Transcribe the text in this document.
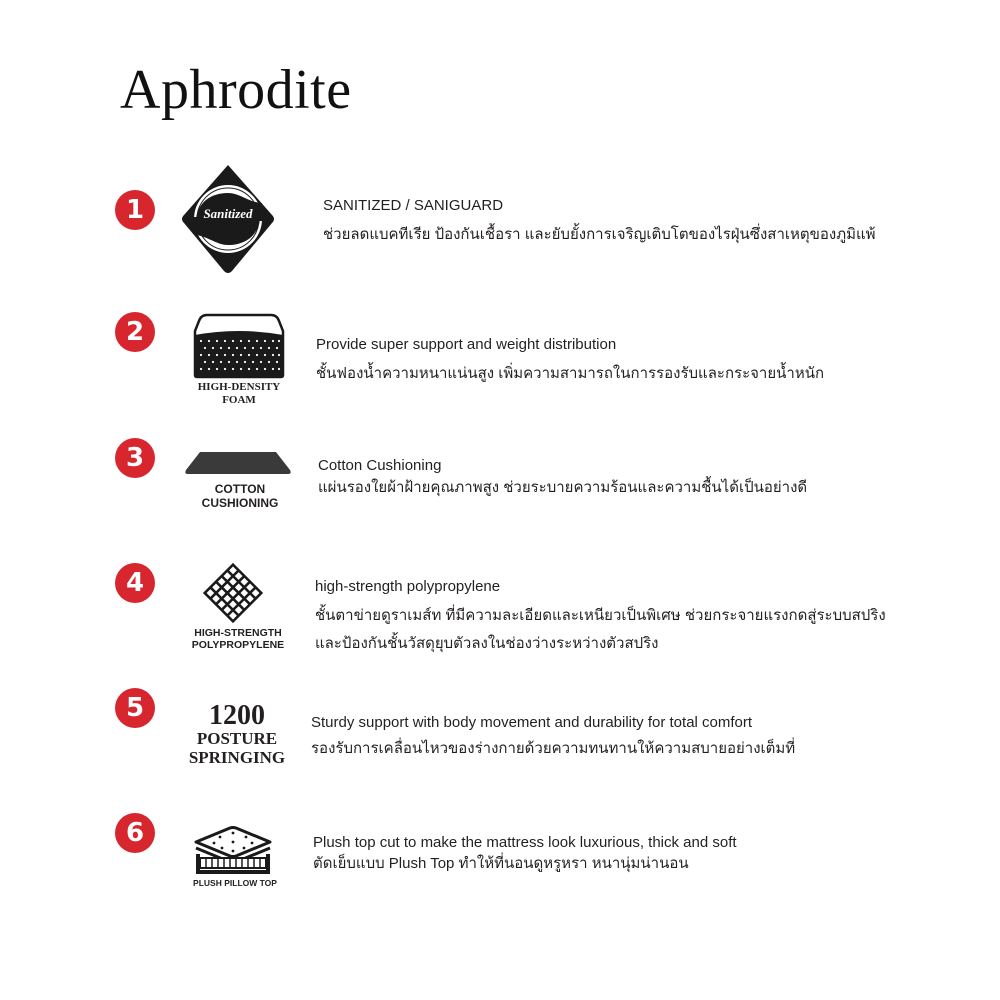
Aphrodite
1	Sanitized
Actifresh
SANITIZED / SANIGUARD
ช่วยลดแบคทีเรีย ป้องกันเชื้อรา และยับยั้งการเจริญเติบโตของไรฝุ่นซึ่งสาเหตุของภูมิแพ้
2
HIGH-DENSITY
FOAM
Provide super support and weight distribution
ชั้นฟองน้ำความหนาแน่นสูง เพิ่มความสามารถในการรองรับและกระจายน้ำหนัก
3
COTTON
CUSHIONING
Cotton Cushioning
แผ่นรองใยผ้าฝ้ายคุณภาพสูง ช่วยระบายความร้อนและความชื้นได้เป็นอย่างดี
4
HIGH-STRENGTH
POLYPROPYLENE
high-strength polypropylene
ชั้นตาข่ายดูราเมส์ท ที่มีความละเอียดและเหนียวเป็นพิเศษ ช่วยกระจายแรงกดสู่ระบบสปริง
และป้องกันชั้นวัสดุยุบตัวลงในช่องว่างระหว่างตัวสปริง
5	1200
POSTURE
SPRINGING
Sturdy support with body movement and durability for total comfort
รองรับการเคลื่อนไหวของร่างกายด้วยความทนทานให้ความสบายอย่างเต็มที่
6
PLUSH PILLOW TOP
Plush top cut to make the mattress look luxurious, thick and soft
ตัดเย็บแบบ Plush Top ทำให้ที่นอนดูหรูหรา หนานุ่มน่านอน
